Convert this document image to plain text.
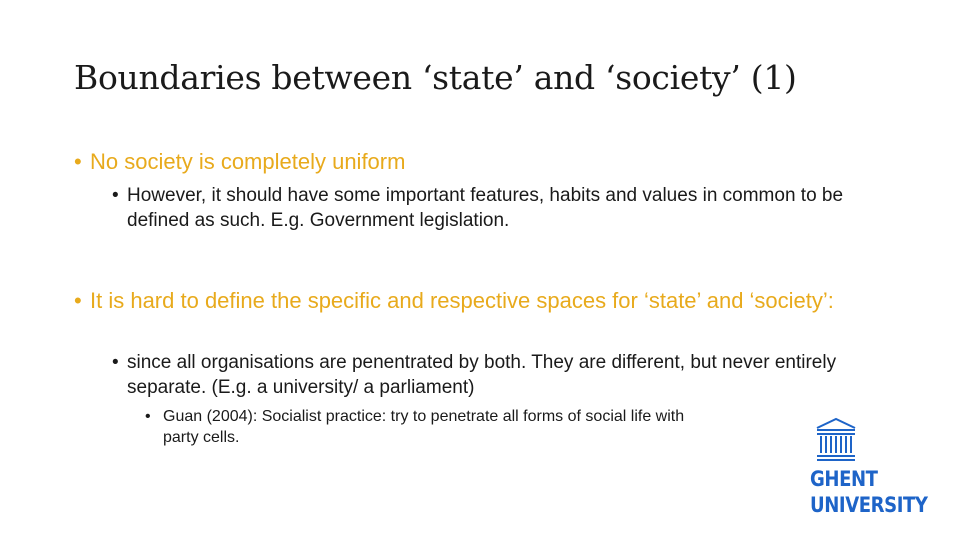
Boundaries between ‘state’ and ‘society’ (1)
• No society is completely uniform
• However, it should have some important features, habits and values in common to be defined as such. E.g. Government legislation.
• It is hard to define the specific and respective spaces for ‘state’ and ‘society’:
• since all organisations are penentrated by both. They are different, but never entirely separate. (E.g. a university/ a parliament)
• Guan (2004): Socialist practice: try to penetrate all forms of social life with party cells.
GHENT
UNIVERSITY
